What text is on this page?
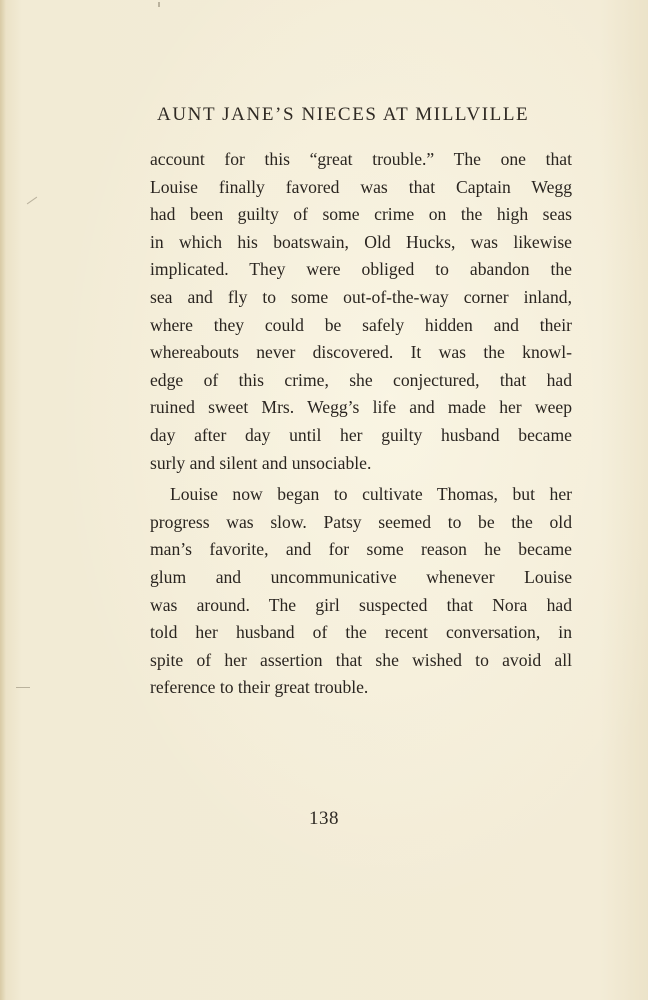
AUNT JANE’S NIECES AT MILLVILLE
account for this “great trouble.” The one that
Louise finally favored was that Captain Wegg
had been guilty of some crime on the high seas
in which his boatswain, Old Hucks, was likewise
implicated. They were obliged to abandon the
sea and fly to some out-of-the-way corner inland,
where they could be safely hidden and their
whereabouts never discovered. It was the knowl-
edge of this crime, she conjectured, that had
ruined sweet Mrs. Wegg’s life and made her weep
day after day until her guilty husband became
surly and silent and unsociable.
Louise now began to cultivate Thomas, but her
progress was slow. Patsy seemed to be the old
man’s favorite, and for some reason he became
glum and uncommunicative whenever Louise
was around. The girl suspected that Nora had
told her husband of the recent conversation, in
spite of her assertion that she wished to avoid all
reference to their great trouble.
138
